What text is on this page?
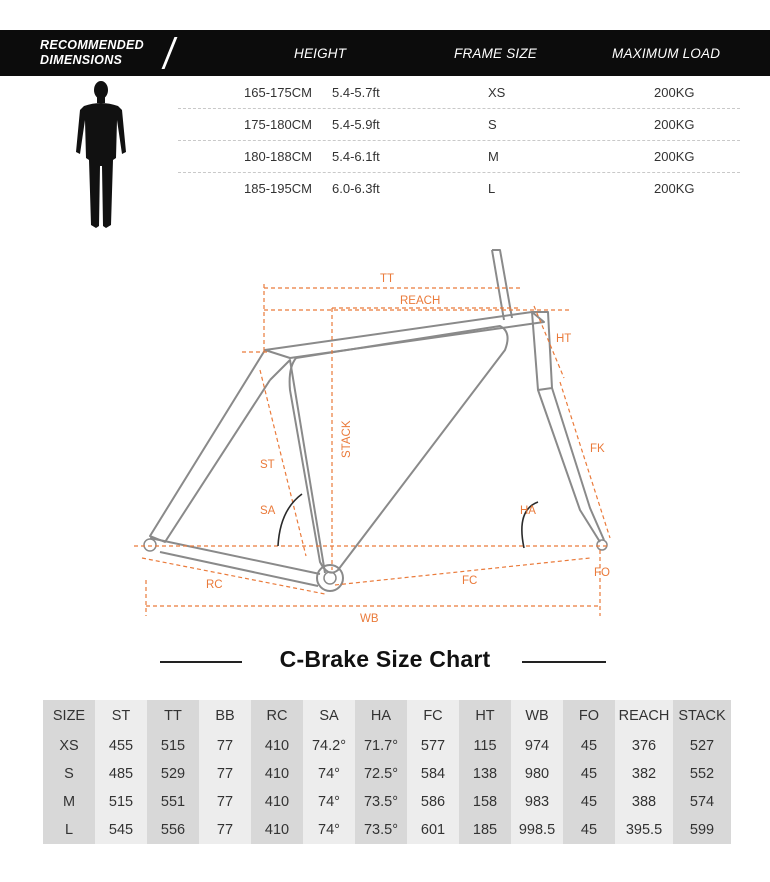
RECOMMENDED
DIMENSIONS	HEIGHT	FRAME SIZE	MAXIMUM LOAD
165-175CM 5.4-5.7ft	XS	200KG
175-180CM 5.4-5.9ft	S	200KG
180-188CM 5.4-6.1ft	M	200KG
185-195CM 6.0-6.3ft	L	200KG
TT
REACH
HT
STACK
ST
FK
SA	HA
RC	FC
FO
WB
C-Brake Size Chart
SIZE	ST	TT	BB	RC	SA	HA	FC	HT	WB	FO	REACH	STACK
XS	455	515	77	410	74.2°	71.7°	577	115	974	45	376	527
S	485	529	77	410	74°	72.5°	584	138	980	45	382	552
M	515	551	77	410	74°	73.5°	586	158	983	45	388	574
L	545	556	77	410	74°	73.5°	601	185	998.5	45	395.5	599
